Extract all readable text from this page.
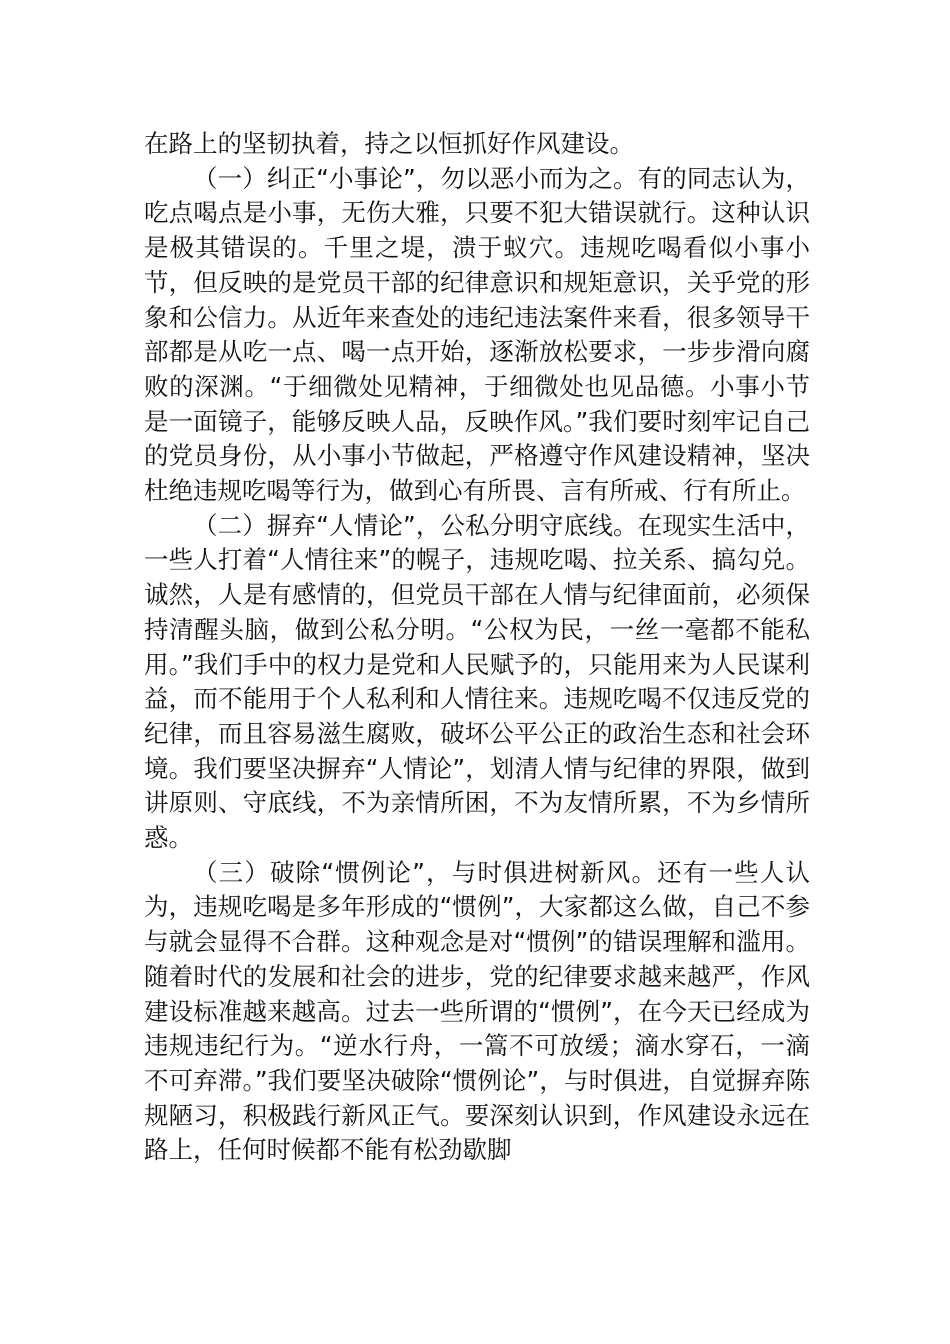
在路上的坚韧执着，持之以恒抓好作风建设。

（一）纠正“小事论”，勿以恶小而为之。有的同志认为，吃点喝点是小事，无伤大雅，只要不犯大错误就行。这种认识是极其错误的。千里之堤，溃于蚁穴。违规吃喝看似小事小节，但反映的是党员干部的纪律意识和规矩意识，关乎党的形象和公信力。从近年来查处的违纪违法案件来看，很多领导干部都是从吃一点、喝一点开始，逐渐放松要求，一步步滑向腐败的深渊。“于细微处见精神，于细微处也见品德。小事小节是一面镜子，能够反映人品，反映作风。”我们要时刻牢记自己的党员身份，从小事小节做起，严格遵守作风建设精神，坚决杜绝违规吃喝等行为，做到心有所畏、言有所戒、行有所止。

（二）摒弃“人情论”，公私分明守底线。在现实生活中，一些人打着“人情往来”的幌子，违规吃喝、拉关系、搞勾兑。诚然，人是有感情的，但党员干部在人情与纪律面前，必须保持清醒头脑，做到公私分明。“公权为民，一丝一毫都不能私用。”我们手中的权力是党和人民赋予的，只能用来为人民谋利益，而不能用于个人私利和人情往来。违规吃喝不仅违反党的纪律，而且容易滋生腐败，破坏公平公正的政治生态和社会环境。我们要坚决摒弃“人情论”，划清人情与纪律的界限，做到讲原则、守底线，不为亲情所困，不为友情所累，不为乡情所惑。

（三）破除“惯例论”，与时俱进树新风。还有一些人认为，违规吃喝是多年形成的“惯例”，大家都这么做，自己不参与就会显得不合群。这种观念是对“惯例”的错误理解和滥用。随着时代的发展和社会的进步，党的纪律要求越来越严，作风建设标准越来越高。过去一些所谓的“惯例”，在今天已经成为违规违纪行为。“逆水行舟，一篙不可放缓；滴水穿石，一滴不可弃滞。”我们要坚决破除“惯例论”，与时俱进，自觉摒弃陈规陋习，积极践行新风正气。要深刻认识到，作风建设永远在路上，任何时候都不能有松劲歇脚
